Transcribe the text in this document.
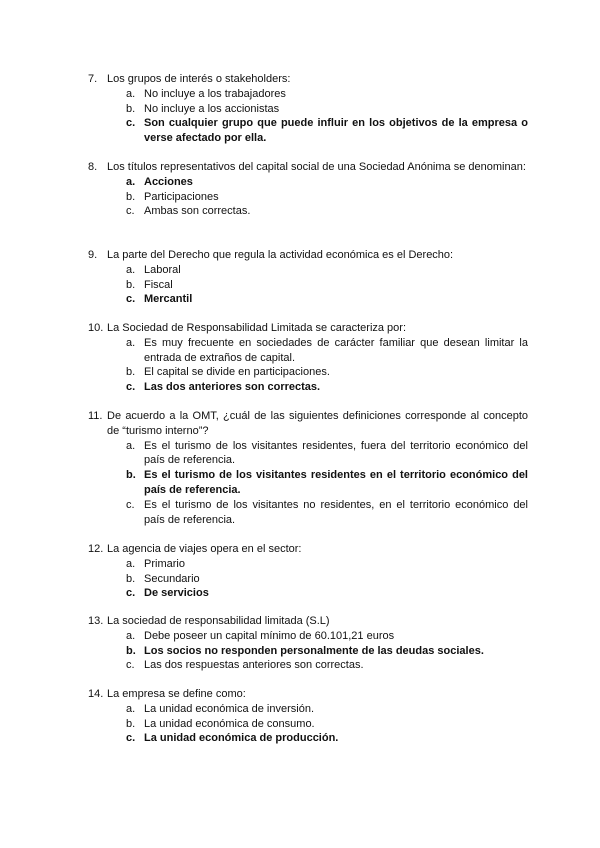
7. Los grupos de interés o stakeholders:
a. No incluye a los trabajadores
b. No incluye a los accionistas
c. Son cualquier grupo que puede influir en los objetivos de la empresa o verse afectado por ella.
8. Los títulos representativos del capital social de una Sociedad Anónima se denominan:
a. Acciones
b. Participaciones
c. Ambas son correctas.
9. La parte del Derecho que regula la actividad económica es el Derecho:
a. Laboral
b. Fiscal
c. Mercantil
10. La Sociedad de Responsabilidad Limitada se caracteriza por:
a. Es muy frecuente en sociedades de carácter familiar que desean limitar la entrada de extraños de capital.
b. El capital se divide en participaciones.
c. Las dos anteriores son correctas.
11. De acuerdo a la OMT, ¿cuál de las siguientes definiciones corresponde al concepto de “turismo interno”?
a. Es el turismo de los visitantes residentes, fuera del territorio económico del país de referencia.
b. Es el turismo de los visitantes residentes en el territorio económico del país de referencia.
c. Es el turismo de los visitantes no residentes, en el territorio económico del país de referencia.
12. La agencia de viajes opera en el sector:
a. Primario
b. Secundario
c. De servicios
13. La sociedad de responsabilidad limitada (S.L)
a. Debe poseer un capital mínimo de 60.101,21 euros
b. Los socios no responden personalmente de las deudas sociales.
c. Las dos respuestas anteriores son correctas.
14. La empresa se define como:
a. La unidad económica de inversión.
b. La unidad económica de consumo.
c. La unidad económica de producción.
